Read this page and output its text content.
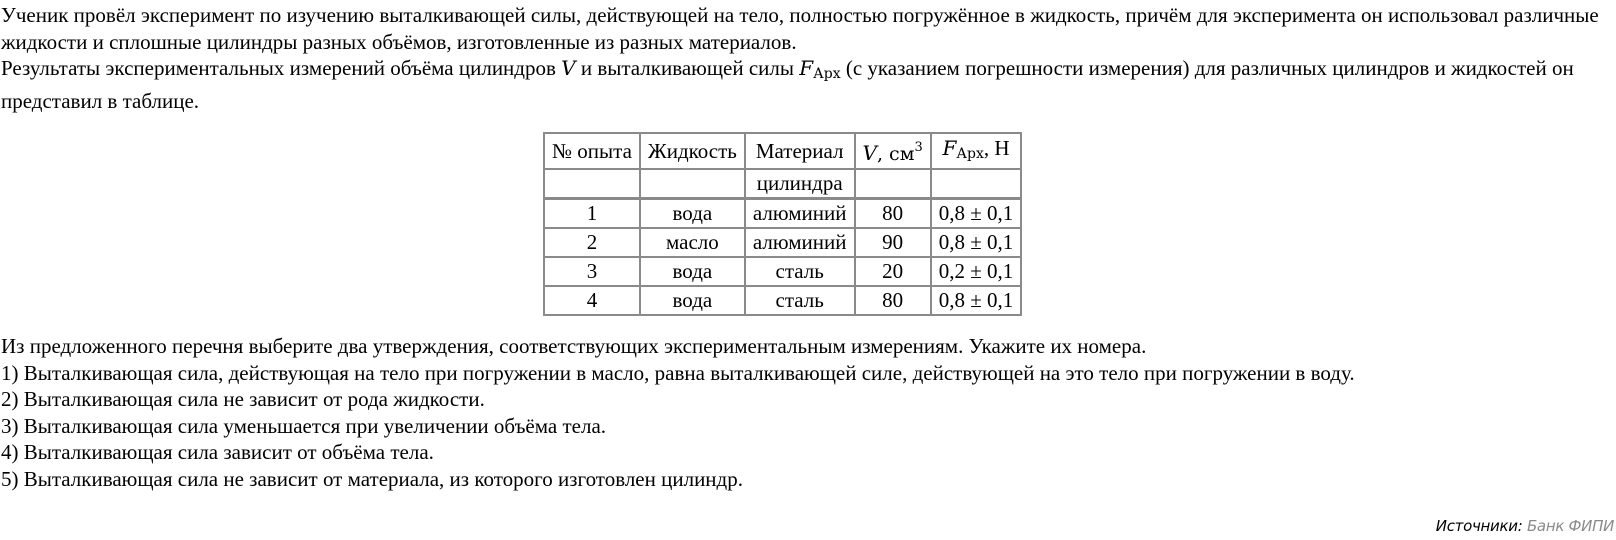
Ученик провёл эксперимент по изучению выталкивающей силы, действующей на тело, полностью погружённое в жидкость, причём для эксперимента он использовал различные жидкости и сплошные цилиндры разных объёмов, изготовленные из разных материалов.
Результаты экспериментальных измерений объёма цилиндров V и выталкивающей силы $F_{Арх}$ (с указанием погрешности измерения) для различных цилиндров и жидкостей он представил в таблице.

№ опыта	Жидкость	Материал	V, $см^3$	$F_{Арх}$, Н
		цилиндра		
1	вода	алюминий	80	0,8 ± 0,1
2	масло	алюминий	90	0,8 ± 0,1
3	вода	сталь	20	0,2 ± 0,1
4	вода	сталь	80	0,8 ± 0,1

Из предложенного перечня выберите два утверждения, соответствующих экспериментальным измерениям. Укажите их номера.

1) Выталкивающая сила, действующая на тело при погружении в масло, равна выталкивающей силе, действующей на это тело при погружении в воду.

2) Выталкивающая сила не зависит от рода жидкости.

3) Выталкивающая сила уменьшается при увеличении объёма тела.

4) Выталкивающая сила зависит от объёма тела.

5) Выталкивающая сила не зависит от материала, из которого изготовлен цилиндр.

Источники: Банк ФИПИ
